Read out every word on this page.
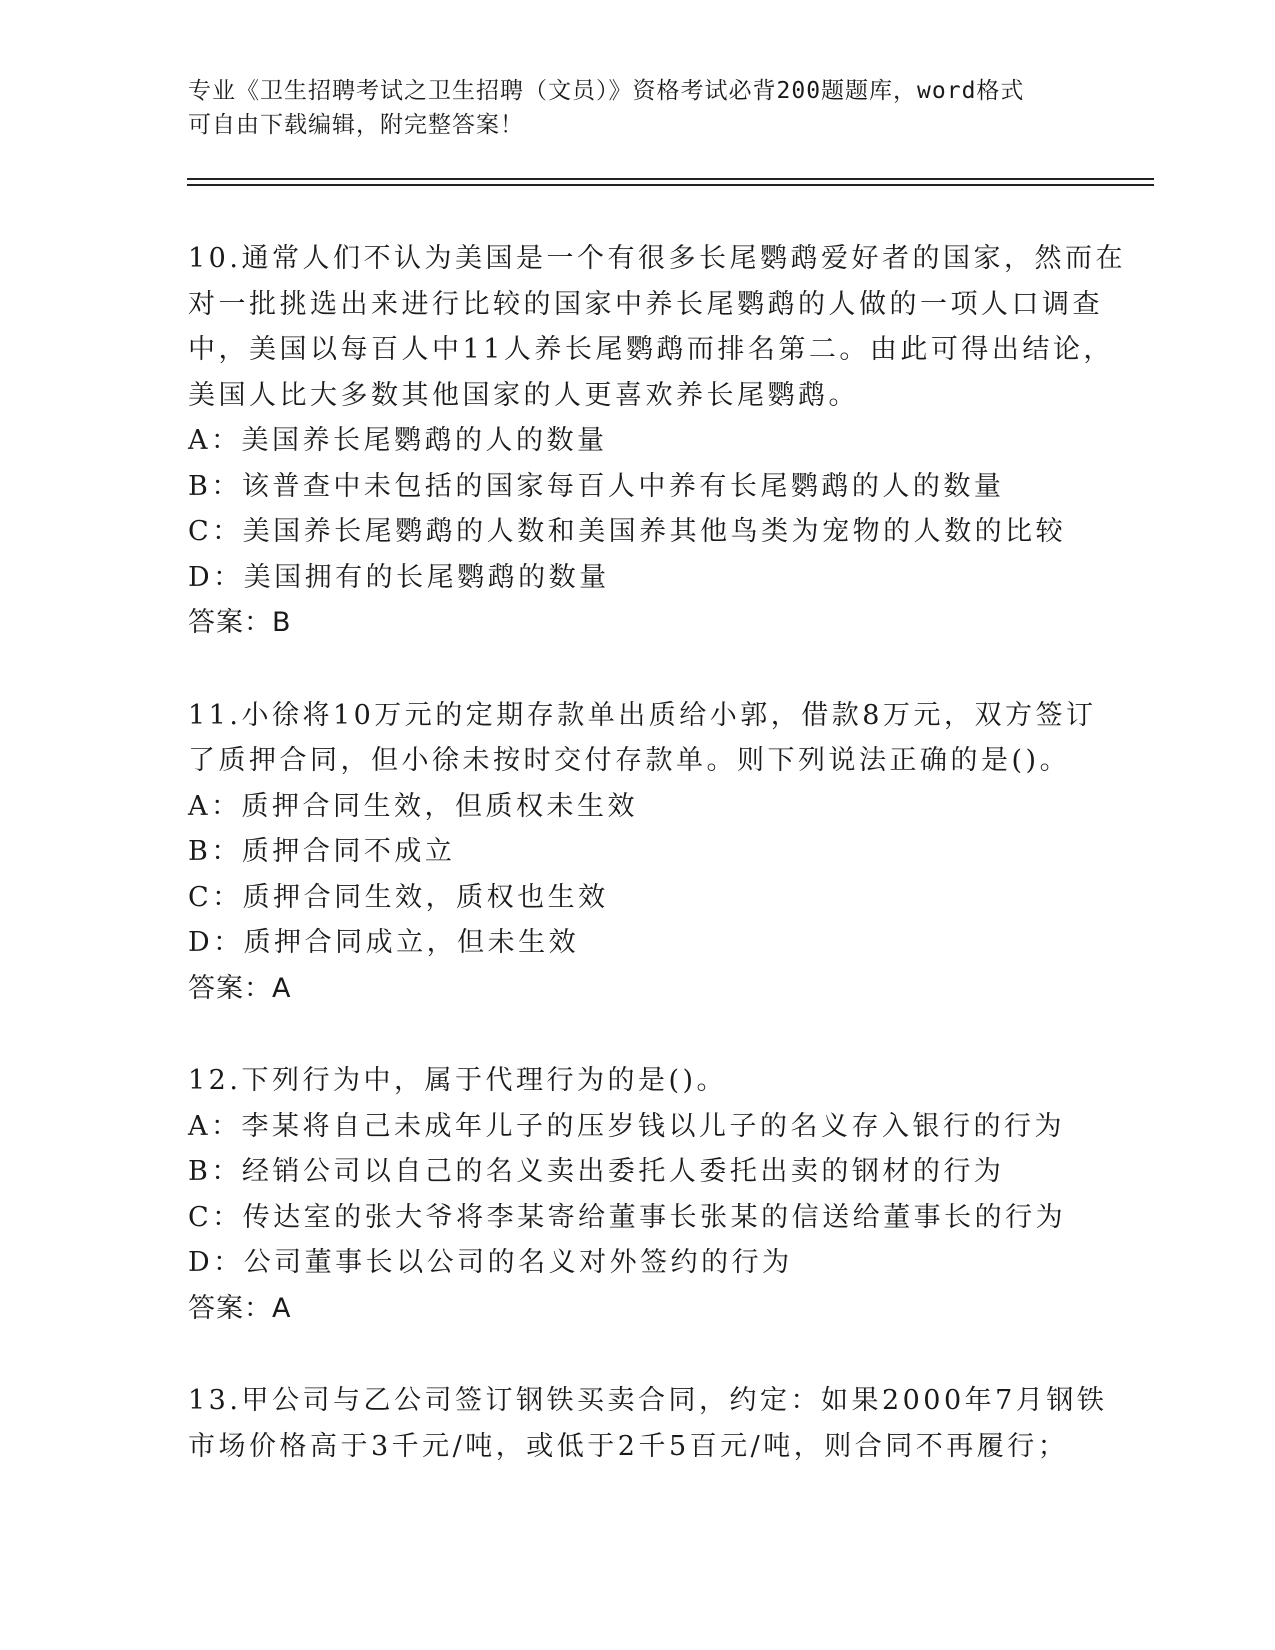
专业《卫生招聘考试之卫生招聘（文员）》资格考试必背200题题库，word格式
可自由下载编辑，附完整答案！
10.通常人们不认为美国是一个有很多长尾鹦鹉爱好者的国家，然而在
对一批挑选出来进行比较的国家中养长尾鹦鹉的人做的一项人口调查
中，美国以每百人中11人养长尾鹦鹉而排名第二。由此可得出结论，
美国人比大多数其他国家的人更喜欢养长尾鹦鹉。
A：美国养长尾鹦鹉的人的数量
B：该普查中未包括的国家每百人中养有长尾鹦鹉的人的数量
C：美国养长尾鹦鹉的人数和美国养其他鸟类为宠物的人数的比较
D：美国拥有的长尾鹦鹉的数量
答案：B
11.小徐将10万元的定期存款单出质给小郭，借款8万元，双方签订
了质押合同，但小徐未按时交付存款单。则下列说法正确的是()。
A：质押合同生效，但质权未生效
B：质押合同不成立
C：质押合同生效，质权也生效
D：质押合同成立，但未生效
答案：A
12.下列行为中，属于代理行为的是()。
A：李某将自己未成年儿子的压岁钱以儿子的名义存入银行的行为
B：经销公司以自己的名义卖出委托人委托出卖的钢材的行为
C：传达室的张大爷将李某寄给董事长张某的信送给董事长的行为
D：公司董事长以公司的名义对外签约的行为
答案：A
13.甲公司与乙公司签订钢铁买卖合同，约定：如果2000年7月钢铁
市场价格高于3千元/吨，或低于2千5百元/吨，则合同不再履行；
